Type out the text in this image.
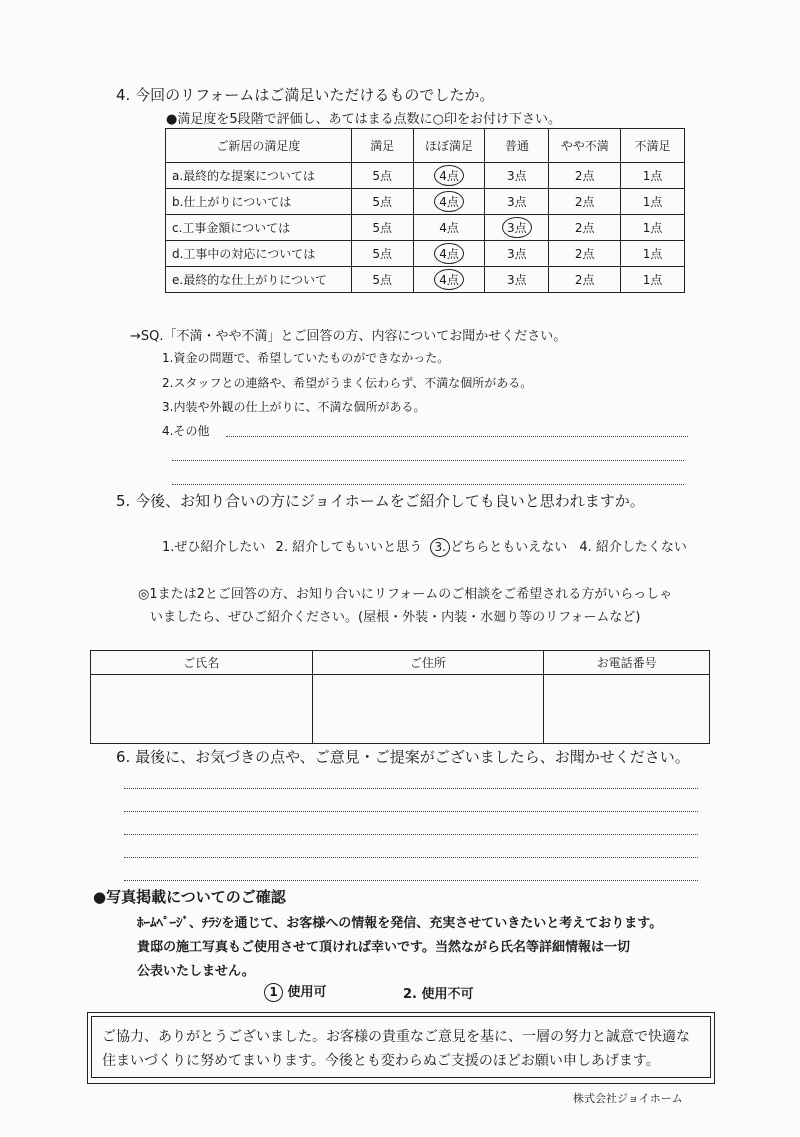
4. 今回のリフォームはご満足いただけるものでしたか。
●満足度を5段階で評価し、あてはまる点数に○印をお付け下さい。
ご新居の満足度	満足	ほぼ満足	普通	やや不満	不満足
a.最終的な提案については	5点	4点	3点	2点	1点
b.仕上がりについては	5点	4点	3点	2点	1点
c.工事金額については	5点	4点	3点	2点	1点
d.工事中の対応については	5点	4点	3点	2点	1点
e.最終的な仕上がりについて	5点	4点	3点	2点	1点
→SQ.「不満・やや不満」とご回答の方、内容についてお聞かせください。
1.資金の問題で、希望していたものができなかった。
2.スタッフとの連絡や、希望がうまく伝わらず、不満な個所がある。
3.内装や外観の仕上がりに、不満な個所がある。
4.その他
5. 今後、お知り合いの方にジョイホームをご紹介しても良いと思われますか。
1.ぜひ紹介したい 2. 紹介してもいいと思う 3. どちらともいえない 4. 紹介したくない
◎1または2とご回答の方、お知り合いにリフォームのご相談をご希望される方がいらっしゃ
いましたら、ぜひご紹介ください。(屋根・外装・内装・水廻り等のリフォームなど)
ご氏名	ご住所	お電話番号

6. 最後に、お気づきの点や、ご意見・ご提案がございましたら、お聞かせください。
●写真掲載についてのご確認
ﾎｰﾑﾍﾟｰｼﾞ、ﾁﾗｼを通じて、お客様への情報を発信、充実させていきたいと考えております。
貴邸の施工写真もご使用させて頂ければ幸いです。当然ながら氏名等詳細情報は一切
公表いたしません。
1 使用可	2. 使用不可
ご協力、ありがとうございました。お客様の貴重なご意見を基に、一層の努力と誠意で快適な
住まいづくりに努めてまいります。今後とも変わらぬご支援のほどお願い申しあげます。
株式会社ジョイホーム
